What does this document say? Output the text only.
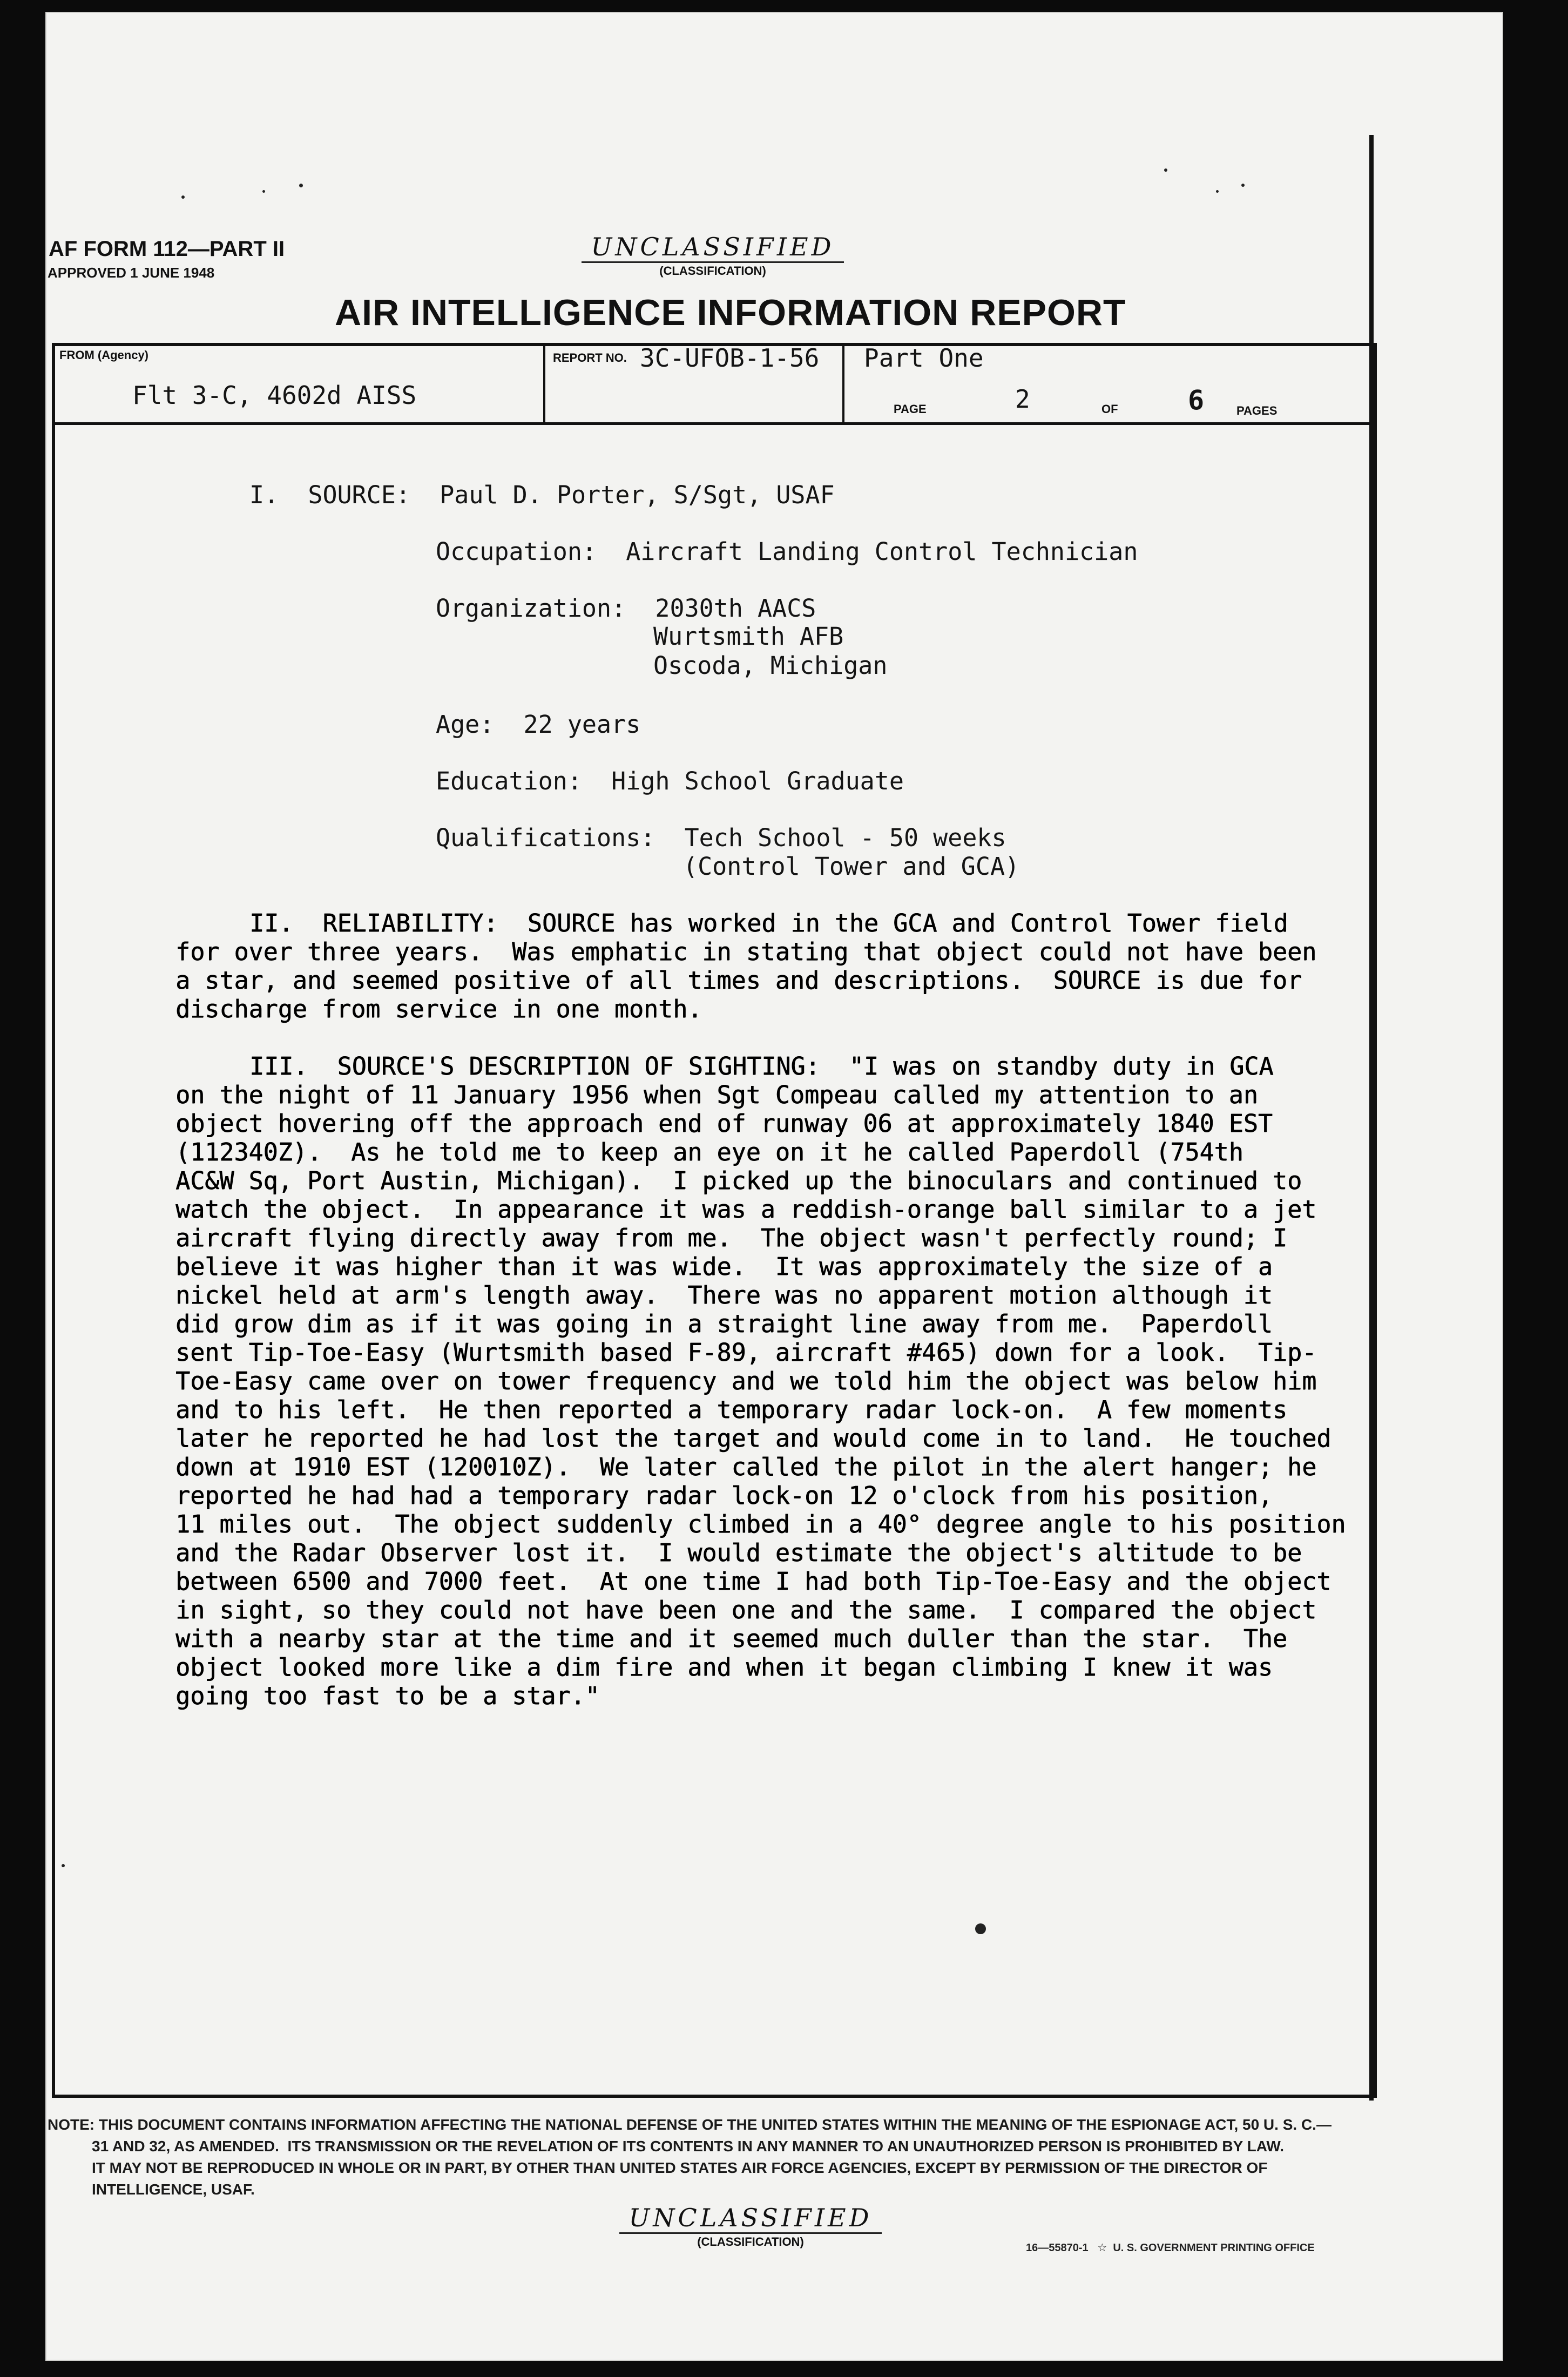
AF FORM 112—PART II
APPROVED 1 JUNE 1948
UNCLASSIFIED
(CLASSIFICATION)
AIR INTELLIGENCE INFORMATION REPORT
FROM (Agency)
Flt 3-C, 4602d AISS
REPORT NO. 3C-UFOB-1-56 Part One
PAGE	2	OF	6	PAGES
I.  SOURCE:  Paul D. Porter, S/Sgt, USAF
Occupation:  Aircraft Landing Control Technician
Organization:  2030th AACS
Wurtsmith AFB
Oscoda, Michigan
Age:  22 years
Education:  High School Graduate
Qualifications:  Tech School - 50 weeks
(Control Tower and GCA)
II.  RELIABILITY:  SOURCE has worked in the GCA and Control Tower field
for over three years.  Was emphatic in stating that object could not have been
a star, and seemed positive of all times and descriptions.  SOURCE is due for
discharge from service in one month.
III.  SOURCE'S DESCRIPTION OF SIGHTING:  "I was on standby duty in GCA
on the night of 11 January 1956 when Sgt Compeau called my attention to an
object hovering off the approach end of runway 06 at approximately 1840 EST
(112340Z).  As he told me to keep an eye on it he called Paperdoll (754th
AC&W Sq, Port Austin, Michigan).  I picked up the binoculars and continued to
watch the object.  In appearance it was a reddish-orange ball similar to a jet
aircraft flying directly away from me.  The object wasn't perfectly round; I
believe it was higher than it was wide.  It was approximately the size of a
nickel held at arm's length away.  There was no apparent motion although it
did grow dim as if it was going in a straight line away from me.  Paperdoll
sent Tip-Toe-Easy (Wurtsmith based F-89, aircraft #465) down for a look.  Tip-
Toe-Easy came over on tower frequency and we told him the object was below him
and to his left.  He then reported a temporary radar lock-on.  A few moments
later he reported he had lost the target and would come in to land.  He touched
down at 1910 EST (120010Z).  We later called the pilot in the alert hanger; he
reported he had had a temporary radar lock-on 12 o'clock from his position,
11 miles out.  The object suddenly climbed in a 40° degree angle to his position
and the Radar Observer lost it.  I would estimate the object's altitude to be
between 6500 and 7000 feet.  At one time I had both Tip-Toe-Easy and the object
in sight, so they could not have been one and the same.  I compared the object
with a nearby star at the time and it seemed much duller than the star.  The
object looked more like a dim fire and when it began climbing I knew it was
going too fast to be a star."
NOTE: THIS DOCUMENT CONTAINS INFORMATION AFFECTING THE NATIONAL DEFENSE OF THE UNITED STATES WITHIN THE MEANING OF THE ESPIONAGE ACT, 50 U. S. C.—
31 AND 32, AS AMENDED.  ITS TRANSMISSION OR THE REVELATION OF ITS CONTENTS IN ANY MANNER TO AN UNAUTHORIZED PERSON IS PROHIBITED BY LAW.
IT MAY NOT BE REPRODUCED IN WHOLE OR IN PART, BY OTHER THAN UNITED STATES AIR FORCE AGENCIES, EXCEPT BY PERMISSION OF THE DIRECTOR OF
INTELLIGENCE, USAF.
UNCLASSIFIED
(CLASSIFICATION)	16—55870-1   ☆  U. S. GOVERNMENT PRINTING OFFICE
